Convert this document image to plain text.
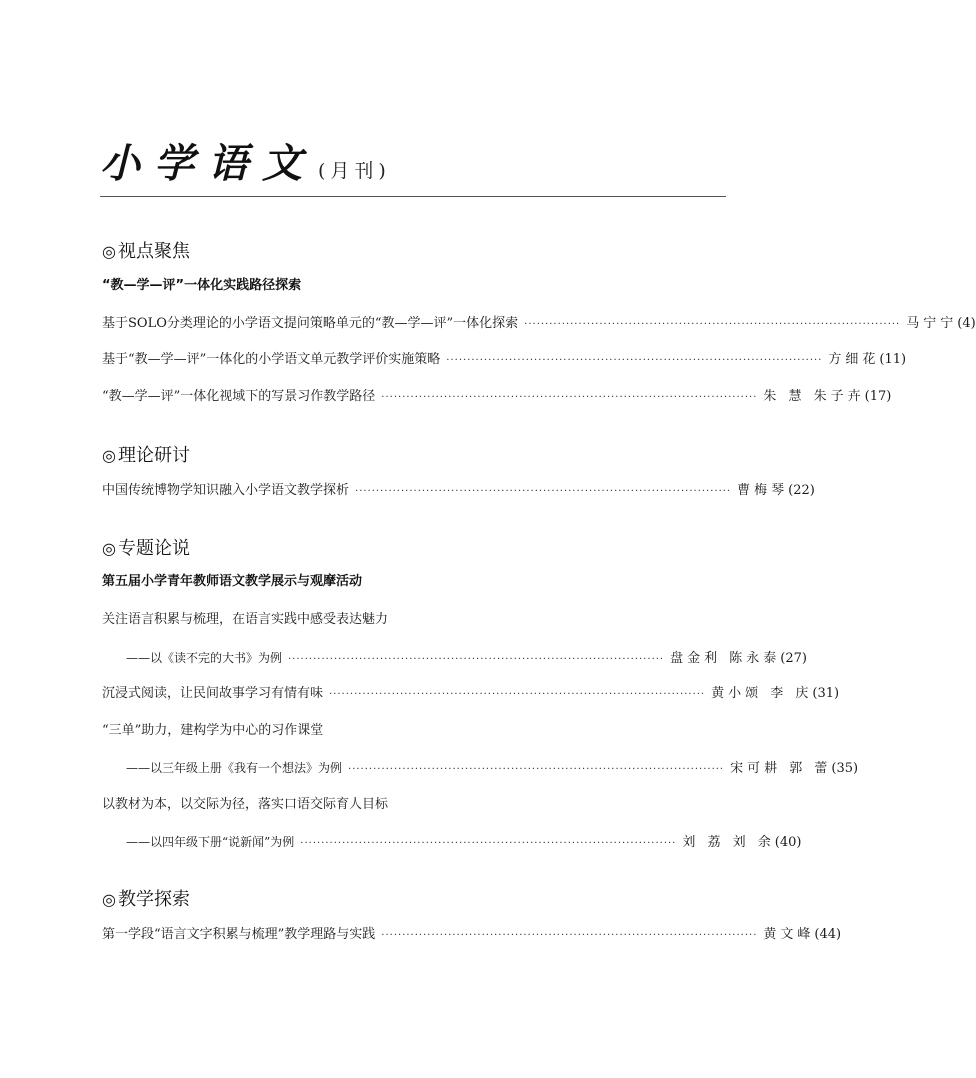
小学语文 (月刊)
◎ 视点聚焦
“教—学—评”一体化实践路径探索
基于SOLO分类理论的小学语文提问策略单元的“教—学—评”一体化探索 ·························································································· 马宁宁 (4)
基于“教—学—评”一体化的小学语文单元教学评价实施策略 ·························································································· 方细花 (11)
“教—学—评”一体化视域下的写景习作教学路径 ·························································································· 朱 慧 朱子卉 (17)
◎ 理论研讨
中国传统博物学知识融入小学语文教学探析 ·························································································· 曹梅琴 (22)
◎ 专题论说
第五届小学青年教师语文教学展示与观摩活动
关注语言积累与梳理，在语言实践中感受表达魅力
——以《读不完的大书》为例 ·························································································· 盘金利 陈永泰 (27)
沉浸式阅读，让民间故事学习有情有味 ·························································································· 黄小颂 李 庆 (31)
“三单”助力，建构学为中心的习作课堂
——以三年级上册《我有一个想法》为例 ·························································································· 宋可耕 郭 蕾 (35)
以教材为本，以交际为径，落实口语交际育人目标
——以四年级下册“说新闻”为例 ·························································································· 刘 荔 刘 余 (40)
◎ 教学探索
第一学段“语言文字积累与梳理”教学理路与实践 ·························································································· 黄文峰 (44)
